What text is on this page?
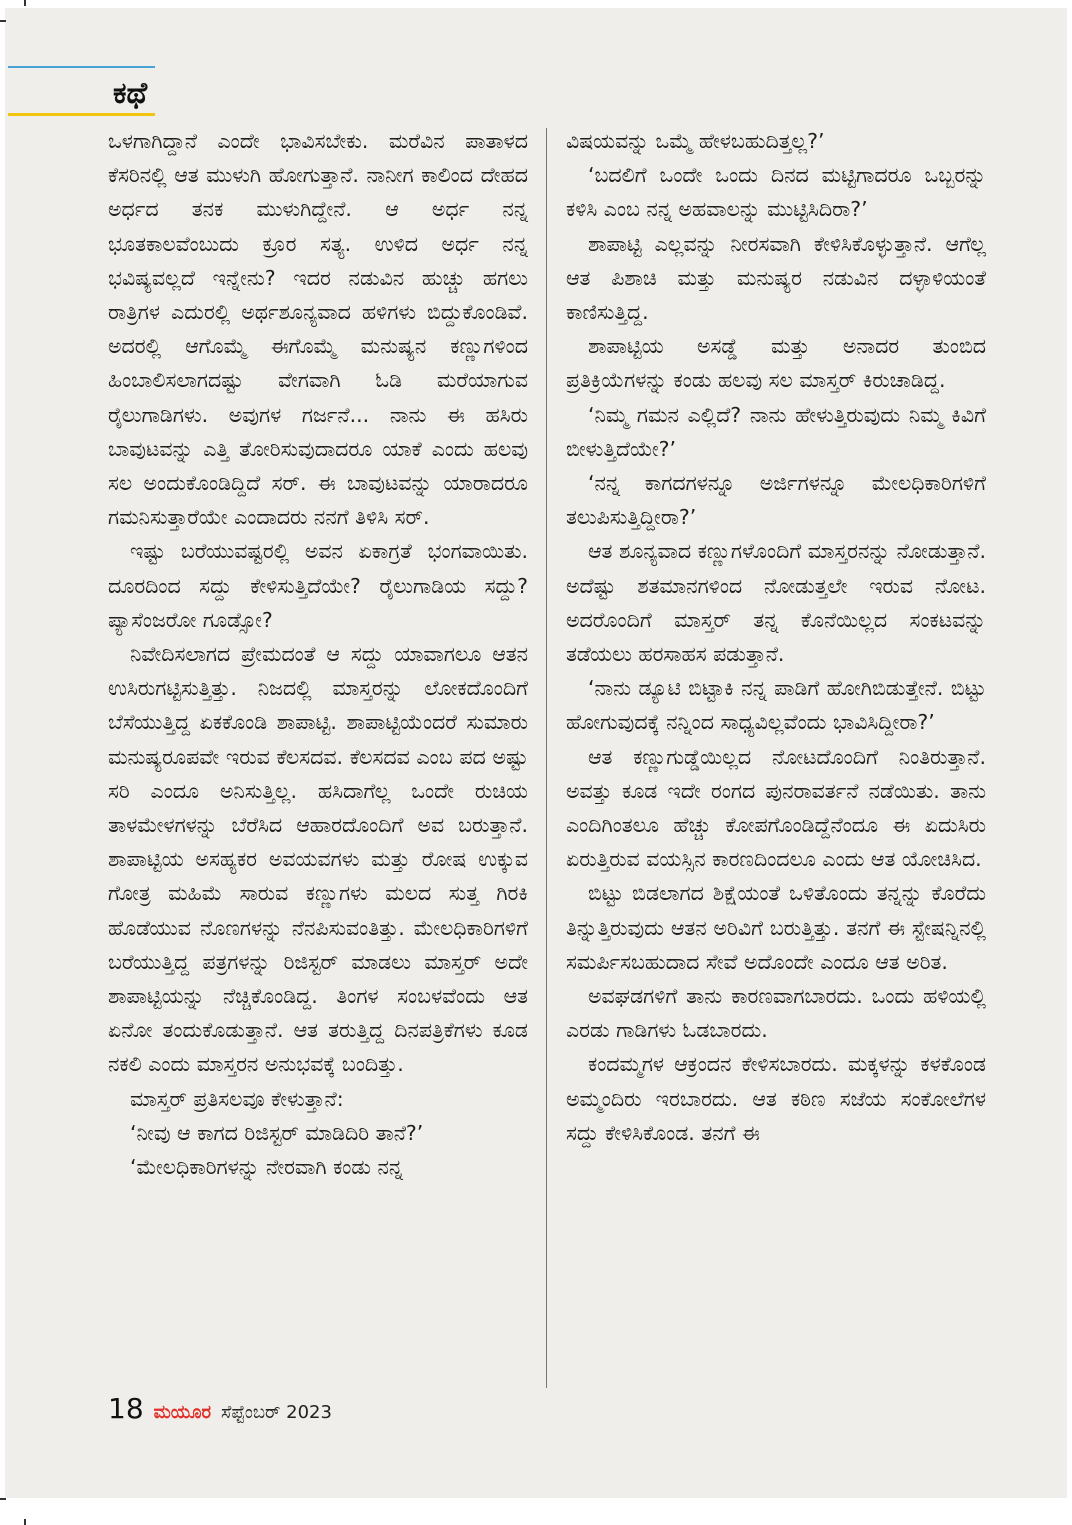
ಕಥೆ

ಒಳಗಾಗಿದ್ದಾನೆ ಎಂದೇ ಭಾವಿಸಬೇಕು. ಮರೆವಿನ ಪಾತಾಳದ ಕೆಸರಿನಲ್ಲಿ ಆತ ಮುಳುಗಿ ಹೋಗುತ್ತಾನೆ. ನಾನೀಗ ಕಾಲಿಂದ ದೇಹದ ಅರ್ಧದ ತನಕ ಮುಳುಗಿದ್ದೇನೆ. ಆ ಅರ್ಧ ನನ್ನ ಭೂತಕಾಲವೆಂಬುದು ಕ್ರೂರ ಸತ್ಯ. ಉಳಿದ ಅರ್ಧ ನನ್ನ ಭವಿಷ್ಯವಲ್ಲದೆ ಇನ್ನೇನು? ಇದರ ನಡುವಿನ ಹುಚ್ಚು ಹಗಲು ರಾತ್ರಿಗಳ ಎದುರಲ್ಲಿ ಅರ್ಥಶೂನ್ಯವಾದ ಹಳಿಗಳು ಬಿದ್ದುಕೊಂಡಿವೆ. ಅದರಲ್ಲಿ ಆಗೊಮ್ಮೆ ಈಗೊಮ್ಮೆ ಮನುಷ್ಯನ ಕಣ್ಣುಗಳಿಂದ ಹಿಂಬಾಲಿಸಲಾಗದಷ್ಟು ವೇಗವಾಗಿ ಓಡಿ ಮರೆಯಾಗುವ ರೈಲುಗಾಡಿಗಳು. ಅವುಗಳ ಗರ್ಜನೆ... ನಾನು ಈ ಹಸಿರು ಬಾವುಟವನ್ನು ಎತ್ತಿ ತೋರಿಸುವುದಾದರೂ ಯಾಕೆ ಎಂದು ಹಲವು ಸಲ ಅಂದುಕೊಂಡಿದ್ದಿದೆ ಸರ್. ಈ ಬಾವುಟವನ್ನು ಯಾರಾದರೂ ಗಮನಿಸುತ್ತಾರೆಯೇ ಎಂದಾದರು ನನಗೆ ತಿಳಿಸಿ ಸರ್.

ಇಷ್ಟು ಬರೆಯುವಷ್ಟರಲ್ಲಿ ಅವನ ಏಕಾಗ್ರತೆ ಭಂಗವಾಯಿತು. ದೂರದಿಂದ ಸದ್ದು ಕೇಳಿಸುತ್ತಿದೆಯೇ? ರೈಲುಗಾಡಿಯ ಸದ್ದು? ಪ್ಯಾಸೆಂಜರೋ ಗೂಡ್ಸೋ?

ನಿವೇದಿಸಲಾಗದ ಪ್ರೇಮದಂತೆ ಆ ಸದ್ದು ಯಾವಾಗಲೂ ಆತನ ಉಸಿರುಗಟ್ಟಿಸುತ್ತಿತ್ತು. ನಿಜದಲ್ಲಿ ಮಾಸ್ತರನ್ನು ಲೋಕದೊಂದಿಗೆ ಬೆಸೆಯುತ್ತಿದ್ದ ಏಕಕೊಂಡಿ ಶಾಪಾಟ್ಟಿ. ಶಾಪಾಟ್ಟಿಯೆಂದರೆ ಸುಮಾರು ಮನುಷ್ಯರೂಪವೇ ಇರುವ ಕೆಲಸದವ. ಕೆಲಸದವ ಎಂಬ ಪದ ಅಷ್ಟು ಸರಿ ಎಂದೂ ಅನಿಸುತ್ತಿಲ್ಲ. ಹಸಿದಾಗೆಲ್ಲ ಒಂದೇ ರುಚಿಯ ತಾಳಮೇಳಗಳನ್ನು ಬೆರೆಸಿದ ಆಹಾರದೊಂದಿಗೆ ಅವ ಬರುತ್ತಾನೆ. ಶಾಪಾಟ್ಟಿಯ ಅಸಹ್ಯಕರ ಅವಯವಗಳು ಮತ್ತು ರೋಷ ಉಕ್ಕುವ ಗೋತ್ರ ಮಹಿಮೆ ಸಾರುವ ಕಣ್ಣುಗಳು ಮಲದ ಸುತ್ತ ಗಿರಕಿ ಹೊಡೆಯುವ ನೊಣಗಳನ್ನು ನೆನಪಿಸುವಂತಿತ್ತು. ಮೇಲಧಿಕಾರಿಗಳಿಗೆ ಬರೆಯುತ್ತಿದ್ದ ಪತ್ರಗಳನ್ನು ರಿಜಿಸ್ಟರ್ ಮಾಡಲು ಮಾಸ್ತರ್ ಅದೇ ಶಾಪಾಟ್ಟಿಯನ್ನು ನೆಚ್ಚಿಕೊಂಡಿದ್ದ. ತಿಂಗಳ ಸಂಬಳವೆಂದು ಆತ ಏನೋ ತಂದುಕೊಡುತ್ತಾನೆ. ಆತ ತರುತ್ತಿದ್ದ ದಿನಪತ್ರಿಕೆಗಳು ಕೂಡ ನಕಲಿ ಎಂದು ಮಾಸ್ತರನ ಅನುಭವಕ್ಕೆ ಬಂದಿತ್ತು.

ಮಾಸ್ತರ್ ಪ್ರತಿಸಲವೂ ಕೇಳುತ್ತಾನೆ:

‘ನೀವು ಆ ಕಾಗದ ರಿಜಿಸ್ಟರ್ ಮಾಡಿದಿರಿ ತಾನೆ?’

‘ಮೇಲಧಿಕಾರಿಗಳನ್ನು ನೇರವಾಗಿ ಕಂಡು ನನ್ನ

ವಿಷಯವನ್ನು ಒಮ್ಮೆ ಹೇಳಬಹುದಿತ್ತಲ್ಲ?’

‘ಬದಲಿಗೆ ಒಂದೇ ಒಂದು ದಿನದ ಮಟ್ಟಿಗಾದರೂ ಒಬ್ಬರನ್ನು ಕಳಿಸಿ ಎಂಬ ನನ್ನ ಅಹವಾಲನ್ನು ಮುಟ್ಟಿಸಿದಿರಾ?’

ಶಾಪಾಟ್ಟಿ ಎಲ್ಲವನ್ನು ನೀರಸವಾಗಿ ಕೇಳಿಸಿಕೊಳ್ಳುತ್ತಾನೆ. ಆಗೆಲ್ಲ ಆತ ಪಿಶಾಚಿ ಮತ್ತು ಮನುಷ್ಯರ ನಡುವಿನ ದಳ್ಳಾಳಿಯಂತೆ ಕಾಣಿಸುತ್ತಿದ್ದ.

ಶಾಪಾಟ್ಟಿಯ ಅಸಡ್ಡೆ ಮತ್ತು ಅನಾದರ ತುಂಬಿದ ಪ್ರತಿಕ್ರಿಯೆಗಳನ್ನು ಕಂಡು ಹಲವು ಸಲ ಮಾಸ್ತರ್ ಕಿರುಚಾಡಿದ್ದ.

‘ನಿಮ್ಮ ಗಮನ ಎಲ್ಲಿದೆ? ನಾನು ಹೇಳುತ್ತಿರುವುದು ನಿಮ್ಮ ಕಿವಿಗೆ ಬೀಳುತ್ತಿದೆಯೇ?’

‘ನನ್ನ ಕಾಗದಗಳನ್ನೂ ಅರ್ಜಿಗಳನ್ನೂ ಮೇಲಧಿಕಾರಿಗಳಿಗೆ ತಲುಪಿಸುತ್ತಿದ್ದೀರಾ?’

ಆತ ಶೂನ್ಯವಾದ ಕಣ್ಣುಗಳೊಂದಿಗೆ ಮಾಸ್ತರನನ್ನು ನೋಡುತ್ತಾನೆ. ಅದೆಷ್ಟು ಶತಮಾನಗಳಿಂದ ನೋಡುತ್ತಲೇ ಇರುವ ನೋಟ. ಅದರೊಂದಿಗೆ ಮಾಸ್ತರ್ ತನ್ನ ಕೊನೆಯಿಲ್ಲದ ಸಂಕಟವನ್ನು ತಡೆಯಲು ಹರಸಾಹಸ ಪಡುತ್ತಾನೆ.

‘ನಾನು ಡ್ಯೂಟಿ ಬಿಟ್ಟಾಕಿ ನನ್ನ ಪಾಡಿಗೆ ಹೋಗಿಬಿಡುತ್ತೇನೆ. ಬಿಟ್ಟು ಹೋಗುವುದಕ್ಕೆ ನನ್ನಿಂದ ಸಾಧ್ಯವಿಲ್ಲವೆಂದು ಭಾವಿಸಿದ್ದೀರಾ?’

ಆತ ಕಣ್ಣುಗುಡ್ಡೆಯಿಲ್ಲದ ನೋಟದೊಂದಿಗೆ ನಿಂತಿರುತ್ತಾನೆ. ಅವತ್ತು ಕೂಡ ಇದೇ ರಂಗದ ಪುನರಾವರ್ತನೆ ನಡೆಯಿತು. ತಾನು ಎಂದಿಗಿಂತಲೂ ಹೆಚ್ಚು ಕೋಪಗೊಂಡಿದ್ದೆನೆಂದೂ ಈ ಏದುಸಿರು ಏರುತ್ತಿರುವ ವಯಸ್ಸಿನ ಕಾರಣದಿಂದಲೂ ಎಂದು ಆತ ಯೋಚಿಸಿದ.

ಬಿಟ್ಟು ಬಿಡಲಾಗದ ಶಿಕ್ಷೆಯಂತೆ ಒಳಿತೊಂದು ತನ್ನನ್ನು ಕೊರೆದು ತಿನ್ನುತ್ತಿರುವುದು ಆತನ ಅರಿವಿಗೆ ಬರುತ್ತಿತ್ತು. ತನಗೆ ಈ ಸ್ಟೇಷನ್ನಿನಲ್ಲಿ ಸಮರ್ಪಿಸಬಹುದಾದ ಸೇವೆ ಅದೊಂದೇ ಎಂದೂ ಆತ ಅರಿತ.

ಅವಘಡಗಳಿಗೆ ತಾನು ಕಾರಣವಾಗಬಾರದು. ಒಂದು ಹಳಿಯಲ್ಲಿ ಎರಡು ಗಾಡಿಗಳು ಓಡಬಾರದು.

ಕಂದಮ್ಮಗಳ ಆಕ್ರಂದನ ಕೇಳಿಸಬಾರದು. ಮಕ್ಕಳನ್ನು ಕಳಕೊಂಡ ಅಮ್ಮಂದಿರು ಇರಬಾರದು. ಆತ ಕಠಿಣ ಸಜೆಯ ಸಂಕೋಲೆಗಳ ಸದ್ದು ಕೇಳಿಸಿಕೊಂಡ. ತನಗೆ ಈ

18 ಮಯೂರ ಸೆಪ್ಟೆಂಬರ್ 2023
